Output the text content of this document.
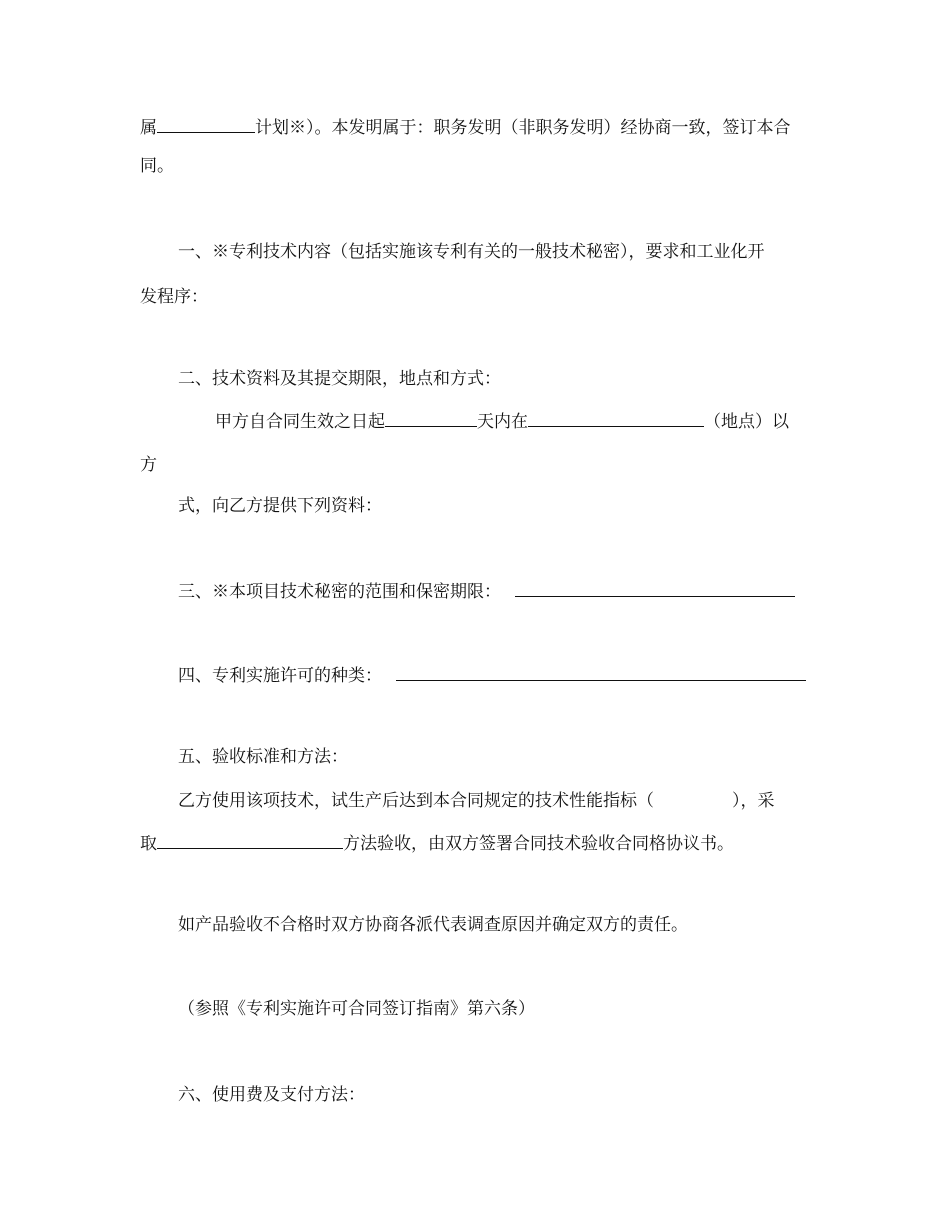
属	计划※）。本发明属于：职务发明（非职务发明）经协商一致，签订本合
同。
一、※专利技术内容（包括实施该专利有关的一般技术秘密），要求和工业化开
发程序：
二、技术资料及其提交期限，地点和方式：
甲方自合同生效之日起	天内在	（地点）以
方
式，向乙方提供下列资料：
三、※本项目技术秘密的范围和保密期限：
四、专利实施许可的种类：
五、验收标准和方法：
乙方使用该项技术，试生产后达到本合同规定的技术性能指标（	），采
取	方法验收，由双方签署合同技术验收合同格协议书。
如产品验收不合格时双方协商各派代表调查原因并确定双方的责任。
（参照《专利实施许可合同签订指南》第六条）
六、使用费及支付方法：
